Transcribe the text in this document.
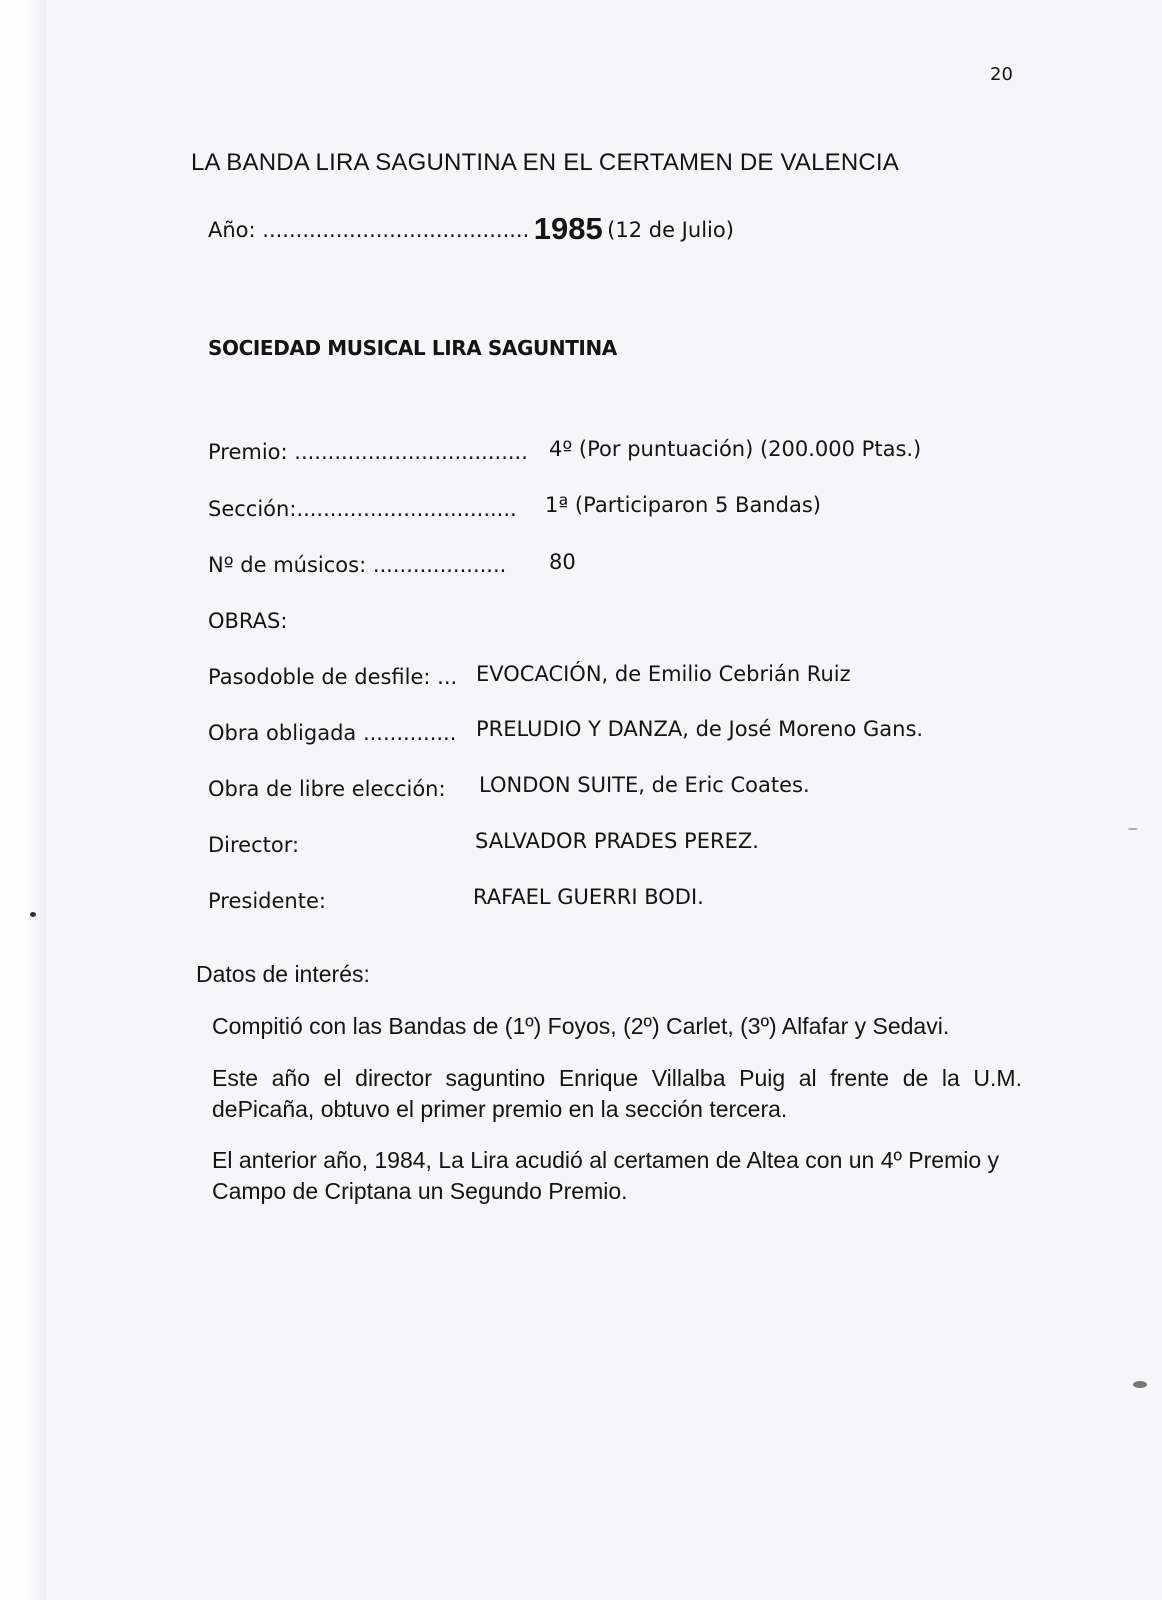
20
LA BANDA LIRA SAGUNTINA EN EL CERTAMEN DE VALENCIA
Año: ........................................ 1985 (12 de Julio)
SOCIEDAD MUSICAL LIRA SAGUNTINA
Premio: ................................... 4º (Por puntuación) (200.000 Ptas.)
Sección:................................. 1ª (Participaron 5 Bandas)
Nº de músicos: .................... 80
OBRAS:
Pasodoble de desfile: ... EVOCACIÓN, de Emilio Cebrián Ruiz
Obra obligada .............. PRELUDIO Y DANZA, de José Moreno Gans.
Obra de libre elección: LONDON SUITE, de Eric Coates.
Director:	SALVADOR PRADES PEREZ.
Presidente:	RAFAEL GUERRI BODI.
Datos de interés:
Compitió con las Bandas de (1º) Foyos, (2º) Carlet, (3º) Alfafar y Sedavi.
Este año el director saguntino Enrique Villalba Puig al frente de la U.M. dePicaña, obtuvo el primer premio en la sección tercera.
El anterior año, 1984, La Lira acudió al certamen de Altea con un 4º Premio y Campo de Criptana un Segundo Premio.
